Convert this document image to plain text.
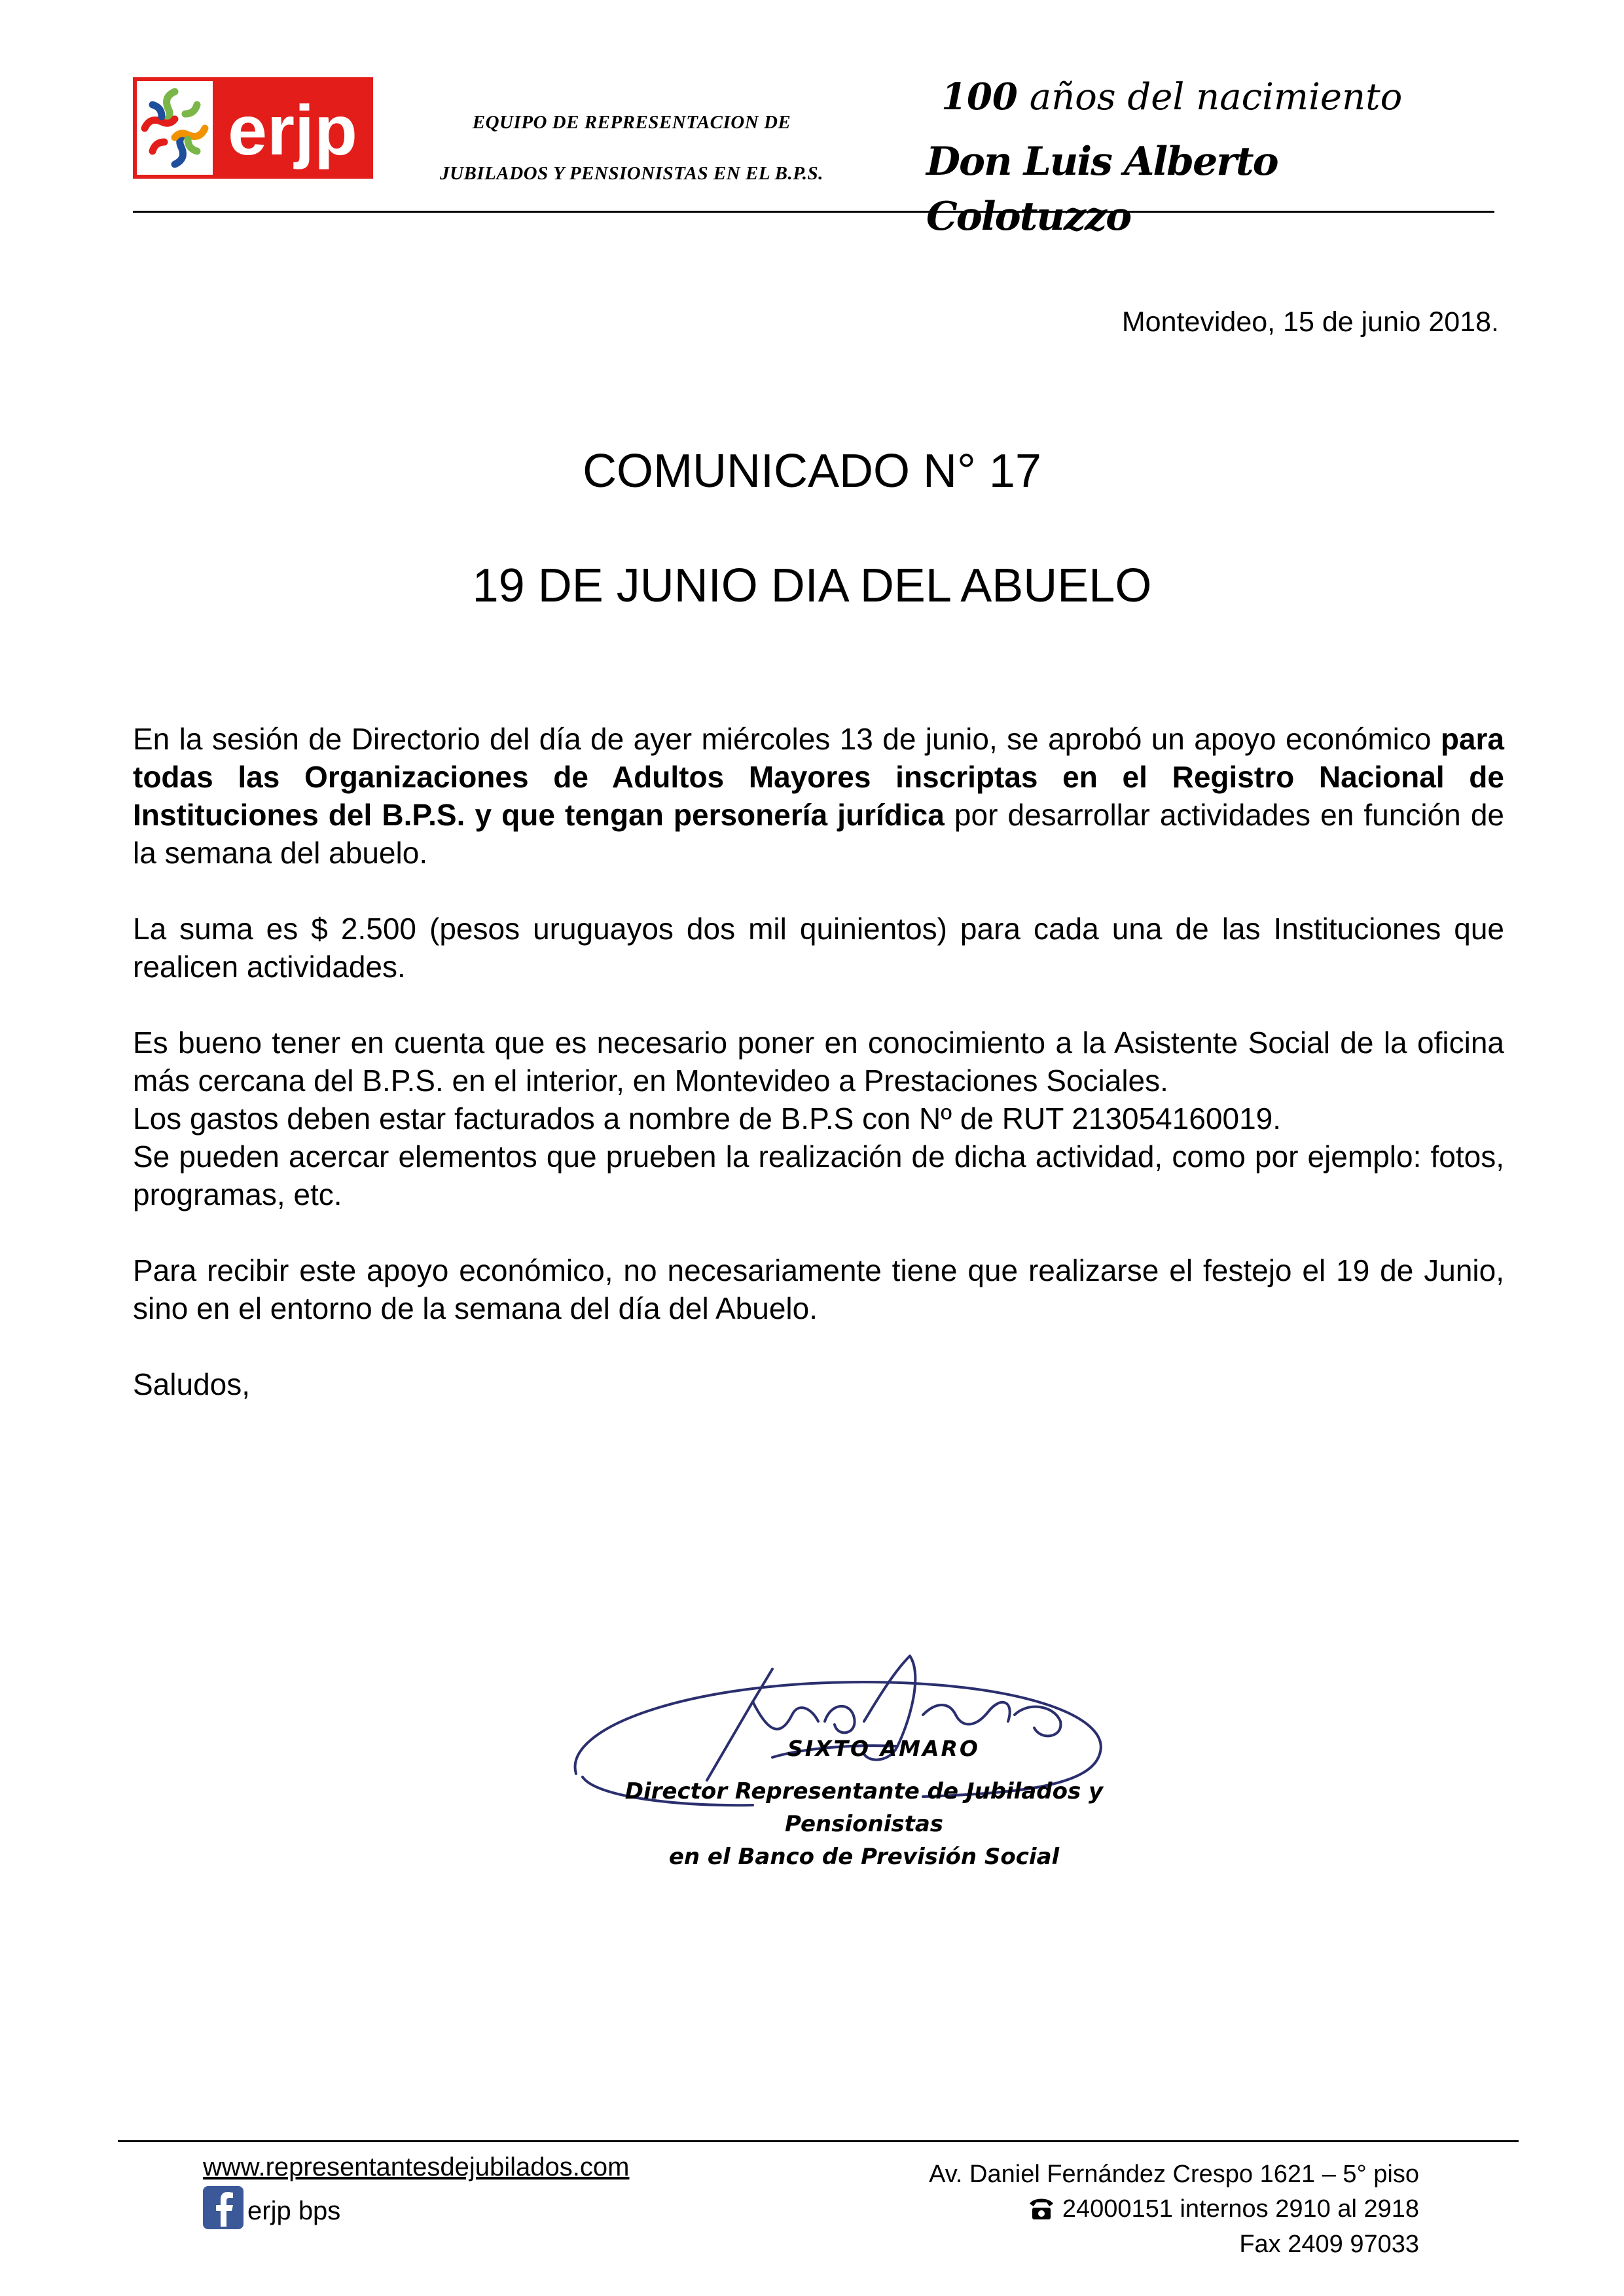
erjp	EQUIPO DE REPRESENTACION DE
JUBILADOS Y PENSIONISTAS EN EL B.P.S.
100 años del nacimiento
Don Luis Alberto Colotuzzo
Montevideo, 15 de junio 2018.
COMUNICADO N° 17
19 DE JUNIO DIA DEL ABUELO

En la sesión de Directorio del día de ayer miércoles 13 de junio, se aprobó un apoyo económico para todas las Organizaciones de Adultos Mayores inscriptas en el Registro Nacional de Instituciones del B.P.S. y que tengan personería jurídica por desarrollar actividades en función de la semana del abuelo.

La suma es $ 2.500 (pesos uruguayos dos mil quinientos) para cada una de las Instituciones que realicen actividades.

Es bueno tener en cuenta que es necesario poner en conocimiento a la Asistente Social de la oficina más cercana del B.P.S. en el interior, en Montevideo a Prestaciones Sociales.

Los gastos deben estar facturados a nombre de B.P.S con Nº de RUT 213054160019.

Se pueden acercar elementos que prueben la realización de dicha actividad, como por ejemplo: fotos, programas, etc.

Para recibir este apoyo económico, no necesariamente tiene que realizarse el festejo el 19 de Junio, sino en el entorno de la semana del día del Abuelo.

Saludos,

SIXTO AMARO
Director Representante de Jubilados y Pensionistas
en el Banco de Previsión Social
www.representantesdejubilados.com
erjp bps
Av. Daniel Fernández Crespo 1621 – 5° piso
24000151 internos 2910 al 2918
Fax 2409 97033
